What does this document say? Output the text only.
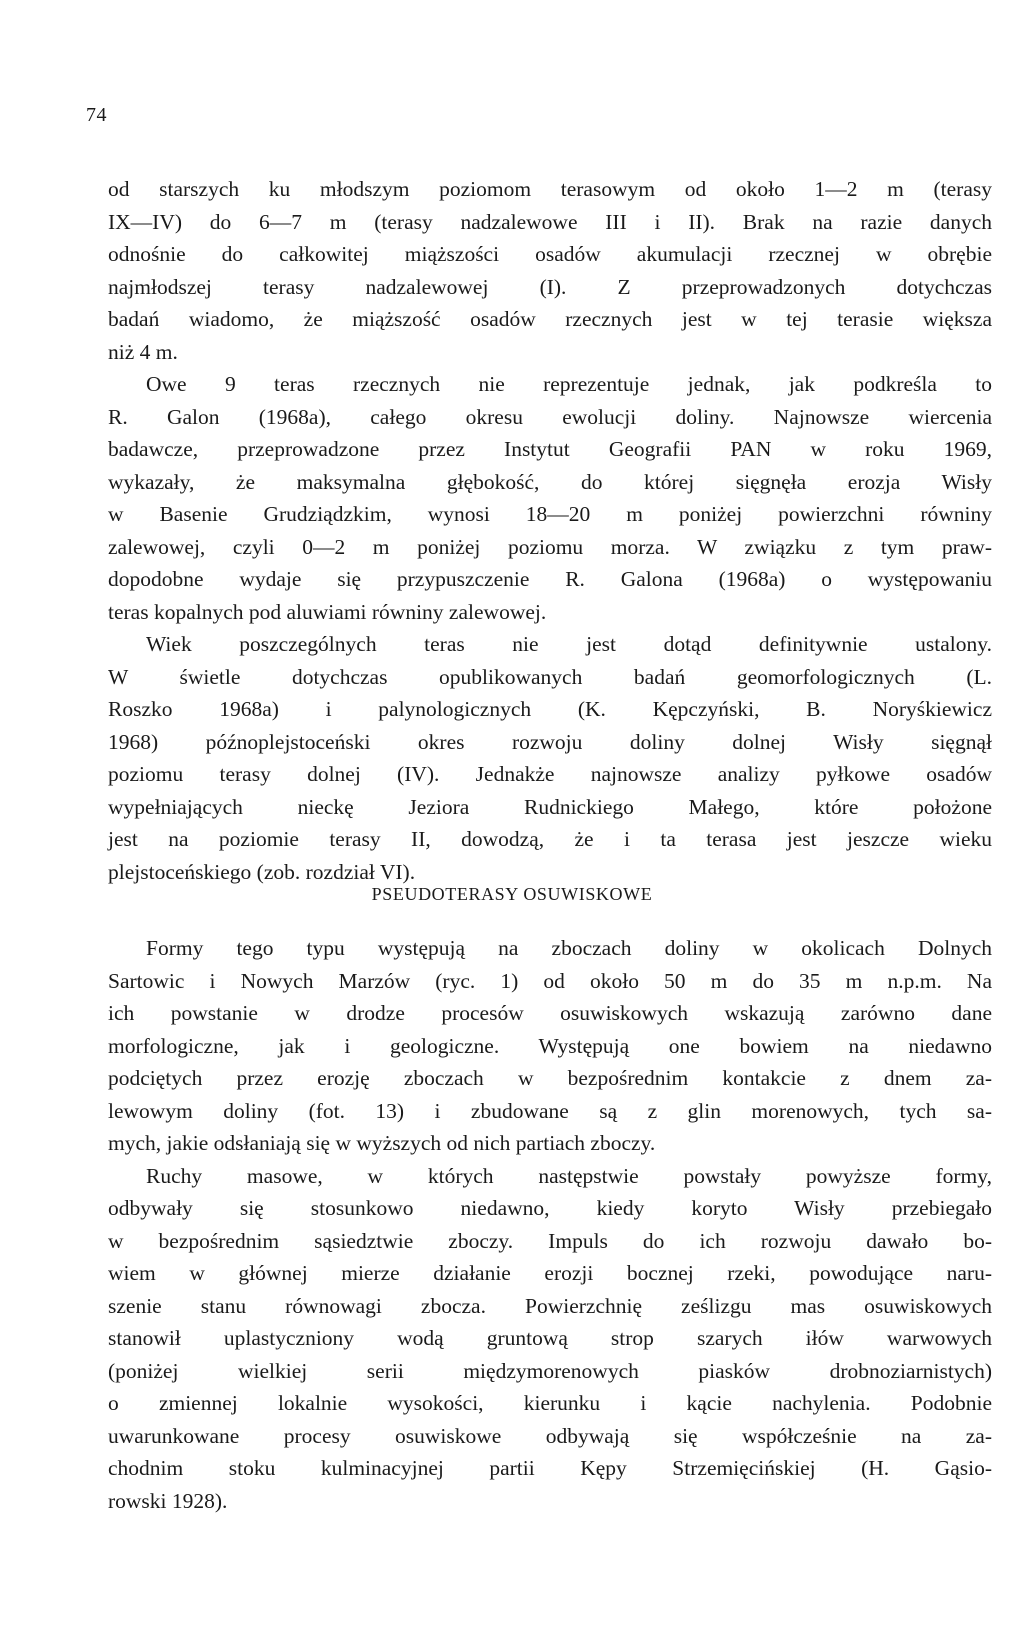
74
od starszych ku młodszym poziomom terasowym od około 1—2 m (terasy
IX—IV) do 6—7 m (terasy nadzalewowe III i II). Brak na razie danych
odnośnie do całkowitej miąższości osadów akumulacji rzecznej w obrębie
najmłodszej terasy nadzalewowej (I). Z przeprowadzonych dotychczas
badań wiadomo, że miąższość osadów rzecznych jest w tej terasie większa
niż 4 m.
Owe 9 teras rzecznych nie reprezentuje jednak, jak podkreśla to
R. Galon (1968a), całego okresu ewolucji doliny. Najnowsze wiercenia
badawcze, przeprowadzone przez Instytut Geografii PAN w roku 1969,
wykazały, że maksymalna głębokość, do której sięgnęła erozja Wisły
w Basenie Grudziądzkim, wynosi 18—20 m poniżej powierzchni równiny
zalewowej, czyli 0—2 m poniżej poziomu morza. W związku z tym praw-
dopodobne wydaje się przypuszczenie R. Galona (1968a) o występowaniu
teras kopalnych pod aluwiami równiny zalewowej.
Wiek poszczególnych teras nie jest dotąd definitywnie ustalony.
W świetle dotychczas opublikowanych badań geomorfologicznych (L.
Roszko 1968a) i palynologicznych (K. Kępczyński, B. Noryśkiewicz
1968) późnoplejstoceński okres rozwoju doliny dolnej Wisły sięgnął
poziomu terasy dolnej (IV). Jednakże najnowsze analizy pyłkowe osadów
wypełniających nieckę Jeziora Rudnickiego Małego, które położone
jest na poziomie terasy II, dowodzą, że i ta terasa jest jeszcze wieku
plejstoceńskiego (zob. rozdział VI).
PSEUDOTERASY OSUWISKOWE
Formy tego typu występują na zboczach doliny w okolicach Dolnych
Sartowic i Nowych Marzów (ryc. 1) od około 50 m do 35 m n.p.m. Na
ich powstanie w drodze procesów osuwiskowych wskazują zarówno dane
morfologiczne, jak i geologiczne. Występują one bowiem na niedawno
podciętych przez erozję zboczach w bezpośrednim kontakcie z dnem za-
lewowym doliny (fot. 13) i zbudowane są z glin morenowych, tych sa-
mych, jakie odsłaniają się w wyższych od nich partiach zboczy.
Ruchy masowe, w których następstwie powstały powyższe formy,
odbywały się stosunkowo niedawno, kiedy koryto Wisły przebiegało
w bezpośrednim sąsiedztwie zboczy. Impuls do ich rozwoju dawało bo-
wiem w głównej mierze działanie erozji bocznej rzeki, powodujące naru-
szenie stanu równowagi zbocza. Powierzchnię ześlizgu mas osuwiskowych
stanowił uplastyczniony wodą gruntową strop szarych iłów warwowych
(poniżej wielkiej serii międzymorenowych piasków drobnoziarnistych)
o zmiennej lokalnie wysokości, kierunku i kącie nachylenia. Podobnie
uwarunkowane procesy osuwiskowe odbywają się współcześnie na za-
chodnim stoku kulminacyjnej partii Kępy Strzemięcińskiej (H. Gąsio-
rowski 1928).
